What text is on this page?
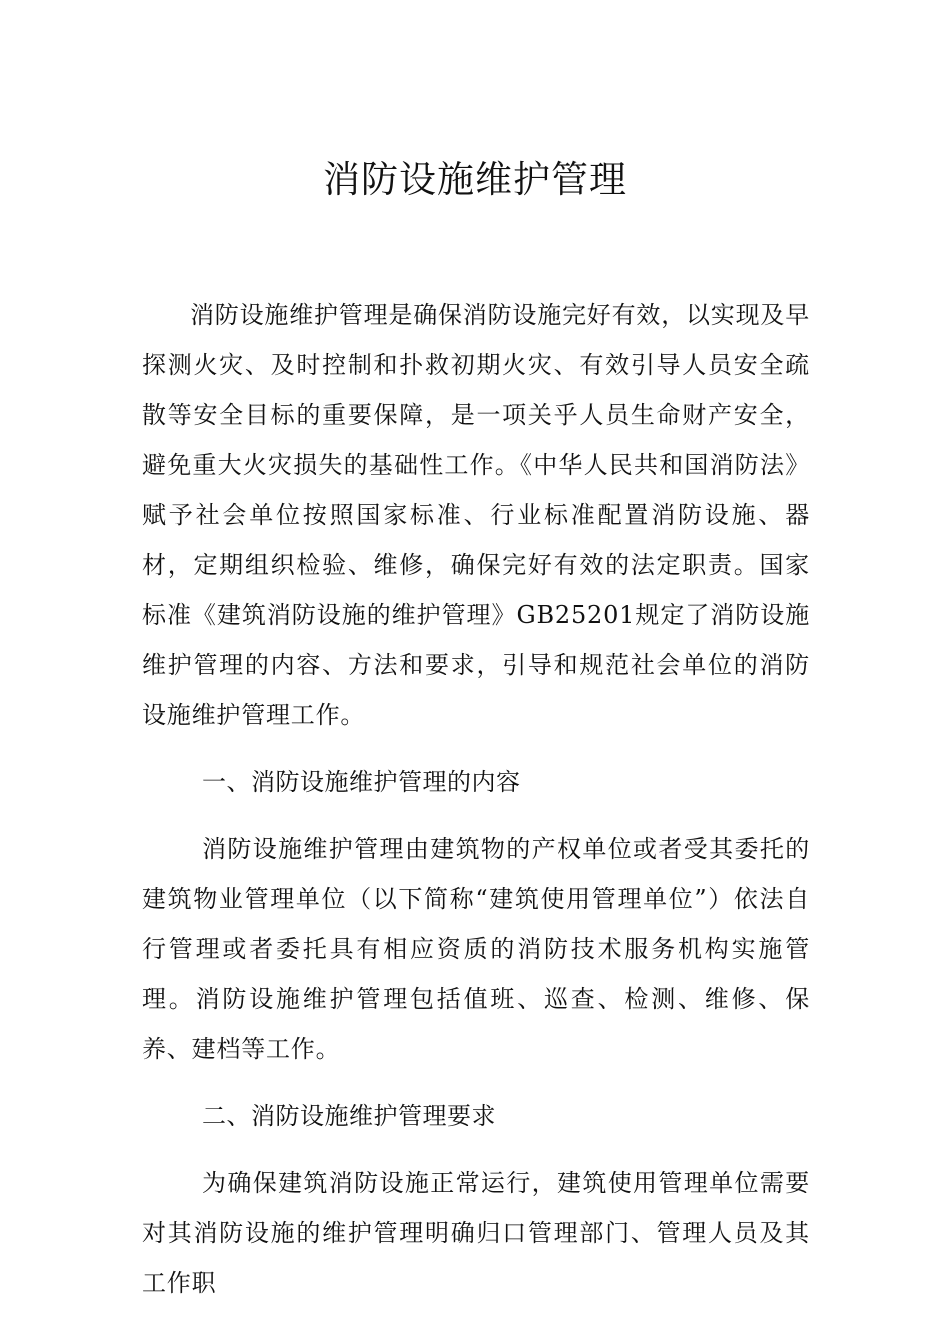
消防设施维护管理

消防设施维护管理是确保消防设施完好有效，以实现及早探测火灾、及时控制和扑救初期火灾、有效引导人员安全疏散等安全目标的重要保障，是一项关乎人员生命财产安全，避免重大火灾损失的基础性工作。《中华人民共和国消防法》赋予社会单位按照国家标准、行业标准配置消防设施、器材，定期组织检验、维修，确保完好有效的法定职责。国家标准《建筑消防设施的维护管理》GB25201规定了消防设施维护管理的内容、方法和要求，引导和规范社会单位的消防设施维护管理工作。

一、消防设施维护管理的内容

消防设施维护管理由建筑物的产权单位或者受其委托的建筑物业管理单位（以下简称“建筑使用管理单位”）依法自行管理或者委托具有相应资质的消防技术服务机构实施管理。消防设施维护管理包括值班、巡查、检测、维修、保养、建档等工作。

二、消防设施维护管理要求

为确保建筑消防设施正常运行，建筑使用管理单位需要对其消防设施的维护管理明确归口管理部门、管理人员及其工作职
